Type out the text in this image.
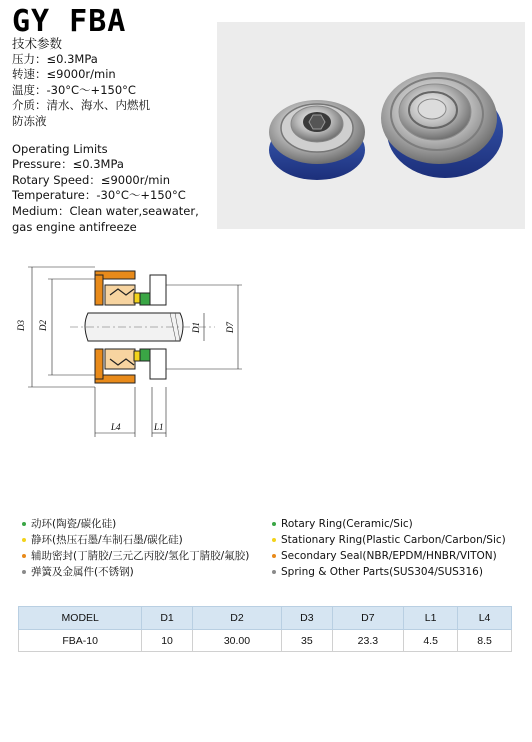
GY FBA
技术参数
压力：≤0.3MPa
转速：≤9000r/min
温度：-30°C～+150°C
介质：清水、海水、内燃机
防冻液
Operating Limits
Pressure：≤0.3MPa
Rotary Speed：≤9000r/min
Temperature：-30°C～+150°C
Medium：Clean water,seawater,
gas engine antifreeze
D3 D2	D1	D7
L4	L1
动环(陶瓷/碳化硅)
静环(热压石墨/车制石墨/碳化硅)
辅助密封(丁腈胶/三元乙丙胶/氢化丁腈胶/氟胶)
弹簧及金属件(不锈钢)
Rotary Ring(Ceramic/Sic)
Stationary Ring(Plastic Carbon/Carbon/Sic)
Secondary Seal(NBR/EPDM/HNBR/VITON)
Spring & Other Parts(SUS304/SUS316)
MODEL	D1	D2	D3	D7	L1	L4
FBA-10	10	30.00	35	23.3	4.5	8.5
